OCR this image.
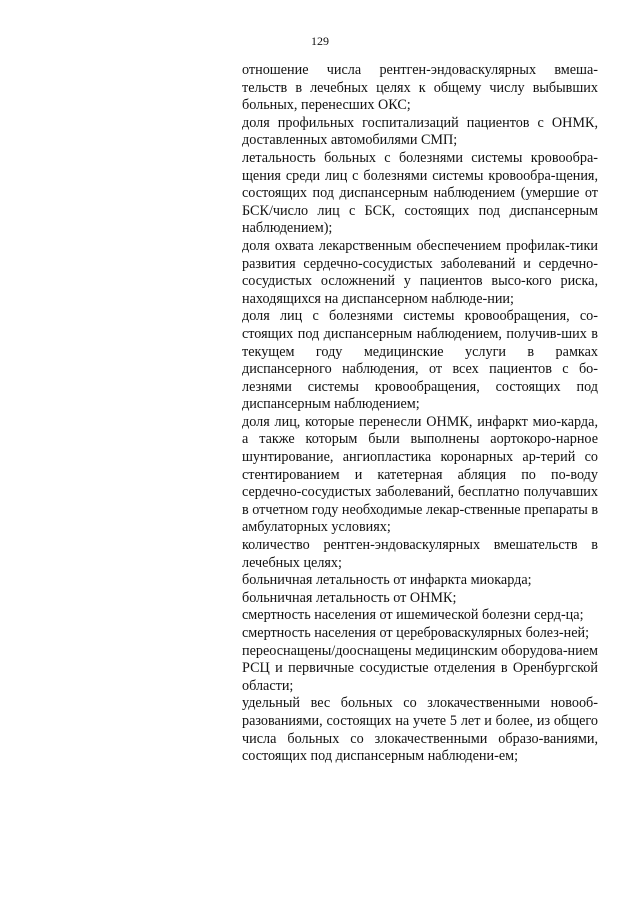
129

отношение числа рентген-эндоваскулярных вмеша-тельств в лечебных целях к общему числу выбывших больных, перенесших ОКС;

доля профильных госпитализаций пациентов с ОНМК, доставленных автомобилями СМП;

летальность больных с болезнями системы кровообра-щения среди лиц с болезнями системы кровообра-щения, состоящих под диспансерным наблюдением (умершие от БСК/число лиц с БСК, состоящих под диспансерным наблюдением);

доля охвата лекарственным обеспечением профилак-тики развития сердечно-сосудистых заболеваний и сердечно-сосудистых осложнений у пациентов высо-кого риска, находящихся на диспансерном наблюде-нии;

доля лиц с болезнями системы кровообращения, со-стоящих под диспансерным наблюдением, получив-ших в текущем году медицинские услуги в рамках диспансерного наблюдения, от всех пациентов с бо-лезнями системы кровообращения, состоящих под диспансерным наблюдением;

доля лиц, которые перенесли ОНМК, инфаркт мио-карда, а также которым были выполнены аортокоро-нарное шунтирование, ангиопластика коронарных ар-терий со стентированием и катетерная абляция по по-воду сердечно-сосудистых заболеваний, бесплатно получавших в отчетном году необходимые лекар-ственные препараты в амбулаторных условиях;

количество рентген-эндоваскулярных вмешательств в лечебных целях;

больничная летальность от инфаркта миокарда;

больничная летальность от ОНМК;

смертность населения от ишемической болезни серд-ца;

смертность населения от цереброваскулярных болез-ней;

переоснащены/дооснащены медицинским оборудова-нием РСЦ и первичные сосудистые отделения в Оренбургской области;

удельный вес больных со злокачественными новооб-разованиями, состоящих на учете 5 лет и более, из общего числа больных со злокачественными образо-ваниями, состоящих под диспансерным наблюдени-ем;
